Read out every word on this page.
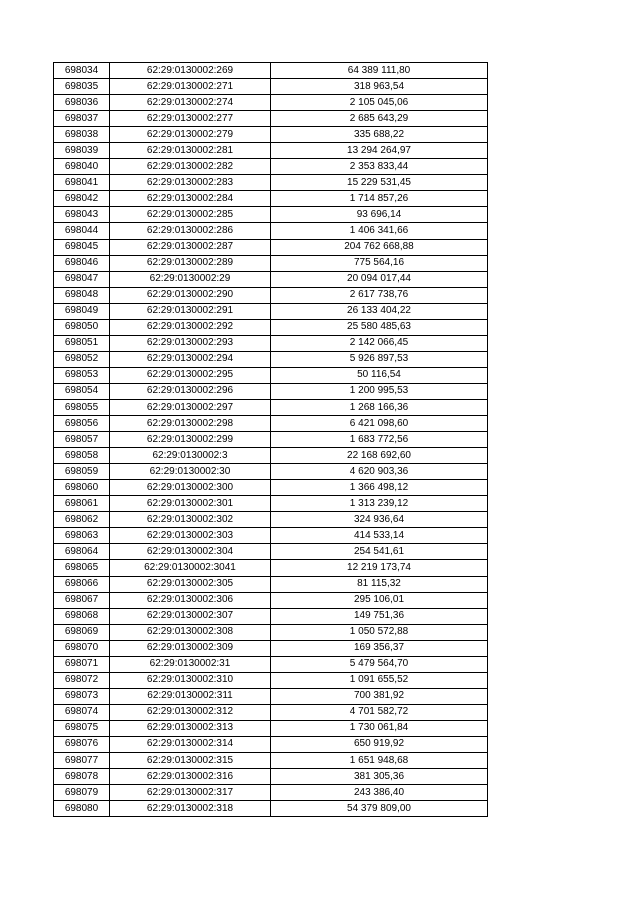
698034	62:29:0130002:269	64 389 111,80
698035	62:29:0130002:271	318 963,54
698036	62:29:0130002:274	2 105 045,06
698037	62:29:0130002:277	2 685 643,29
698038	62:29:0130002:279	335 688,22
698039	62:29:0130002:281	13 294 264,97
698040	62:29:0130002:282	2 353 833,44
698041	62:29:0130002:283	15 229 531,45
698042	62:29:0130002:284	1 714 857,26
698043	62:29:0130002:285	93 696,14
698044	62:29:0130002:286	1 406 341,66
698045	62:29:0130002:287	204 762 668,88
698046	62:29:0130002:289	775 564,16
698047	62:29:0130002:29	20 094 017,44
698048	62:29:0130002:290	2 617 738,76
698049	62:29:0130002:291	26 133 404,22
698050	62:29:0130002:292	25 580 485,63
698051	62:29:0130002:293	2 142 066,45
698052	62:29:0130002:294	5 926 897,53
698053	62:29:0130002:295	50 116,54
698054	62:29:0130002:296	1 200 995,53
698055	62:29:0130002:297	1 268 166,36
698056	62:29:0130002:298	6 421 098,60
698057	62:29:0130002:299	1 683 772,56
698058	62:29:0130002:3	22 168 692,60
698059	62:29:0130002:30	4 620 903,36
698060	62:29:0130002:300	1 366 498,12
698061	62:29:0130002:301	1 313 239,12
698062	62:29:0130002:302	324 936,64
698063	62:29:0130002:303	414 533,14
698064	62:29:0130002:304	254 541,61
698065	62:29:0130002:3041	12 219 173,74
698066	62:29:0130002:305	81 115,32
698067	62:29:0130002:306	295 106,01
698068	62:29:0130002:307	149 751,36
698069	62:29:0130002:308	1 050 572,88
698070	62:29:0130002:309	169 356,37
698071	62:29:0130002:31	5 479 564,70
698072	62:29:0130002:310	1 091 655,52
698073	62:29:0130002:311	700 381,92
698074	62:29:0130002:312	4 701 582,72
698075	62:29:0130002:313	1 730 061,84
698076	62:29:0130002:314	650 919,92
698077	62:29:0130002:315	1 651 948,68
698078	62:29:0130002:316	381 305,36
698079	62:29:0130002:317	243 386,40
698080	62:29:0130002:318	54 379 809,00
